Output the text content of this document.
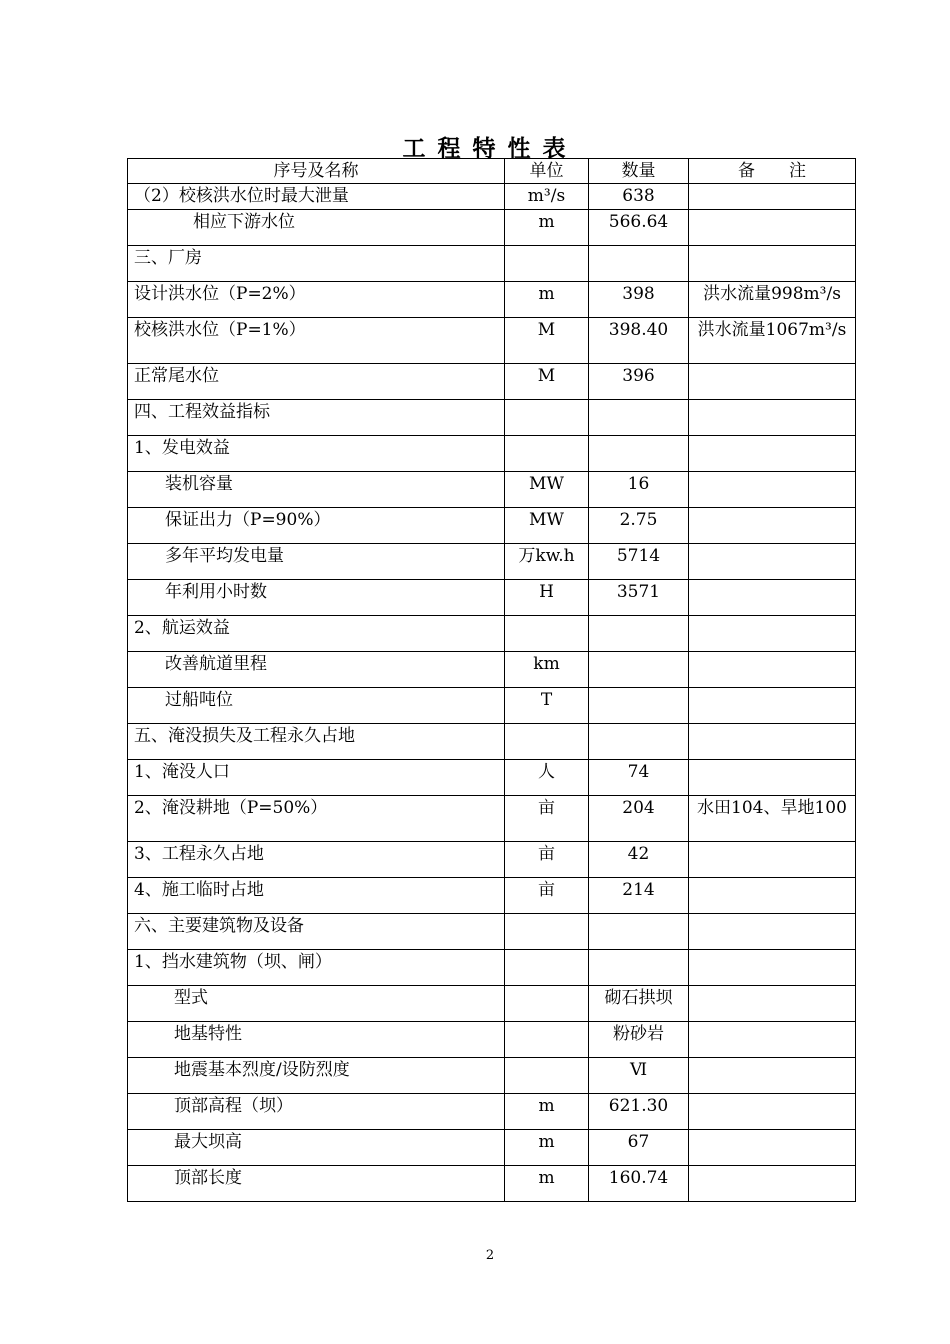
工程特性表
序号及名称	单位	数量	备　　注
（2）校核洪水位时最大泄量	m³/s	638	
相应下游水位	m	566.64	
三、厂房			
设计洪水位（P=2%）	m	398	洪水流量998m³/s
校核洪水位（P=1%）	M	398.40	洪水流量1067m³/s
正常尾水位	M	396	
四、工程效益指标			
1、发电效益			
装机容量	MW	16	
保证出力（P=90%）	MW	2.75	
多年平均发电量	万kw.h	5714	
年利用小时数	H	3571	
2、航运效益			
改善航道里程	km		
过船吨位	T		
五、淹没损失及工程永久占地			
1、淹没人口	人	74	
2、淹没耕地（P=50%）	亩	204	水田104、旱地100
3、工程永久占地	亩	42	
4、施工临时占地	亩	214	
六、主要建筑物及设备			
1、挡水建筑物（坝、闸）			
型式		砌石拱坝	
地基特性		粉砂岩	
地震基本烈度/设防烈度		Ⅵ	
顶部高程（坝）	m	621.30	
最大坝高	m	67	
顶部长度	m	160.74	
2
